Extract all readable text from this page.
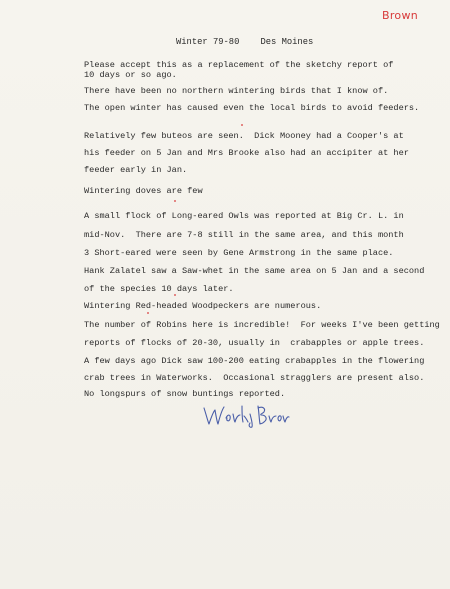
Brown
Winter 79-80 Des Moines
Please accept this as a replacement of the sketchy report of
10 days or so ago.
There have been no northern wintering birds that I know of.
The open winter has caused even the local birds to avoid feeders.
Relatively few buteos are seen.  Dick Mooney had a Cooper's at
his feeder on 5 Jan and Mrs Brooke also had an accipiter at her
feeder early in Jan.
Wintering doves are few
A small flock of Long-eared Owls was reported at Big Cr. L. in
mid-Nov.  There are 7-8 still in the same area, and this month
3 Short-eared were seen by Gene Armstrong in the same place.
Hank Zalatel saw a Saw-whet in the same area on 5 Jan and a second
of the species 10 days later.
Wintering Red-headed Woodpeckers are numerous.
The number of Robins here is incredible!  For weeks I've been getting
reports of flocks of 20-30, usually in  crabapples or apple trees.
A few days ago Dick saw 100-200 eating crabapples in the flowering
crab trees in Waterworks.  Occasional stragglers are present also.
No longspurs of snow buntings reported.
